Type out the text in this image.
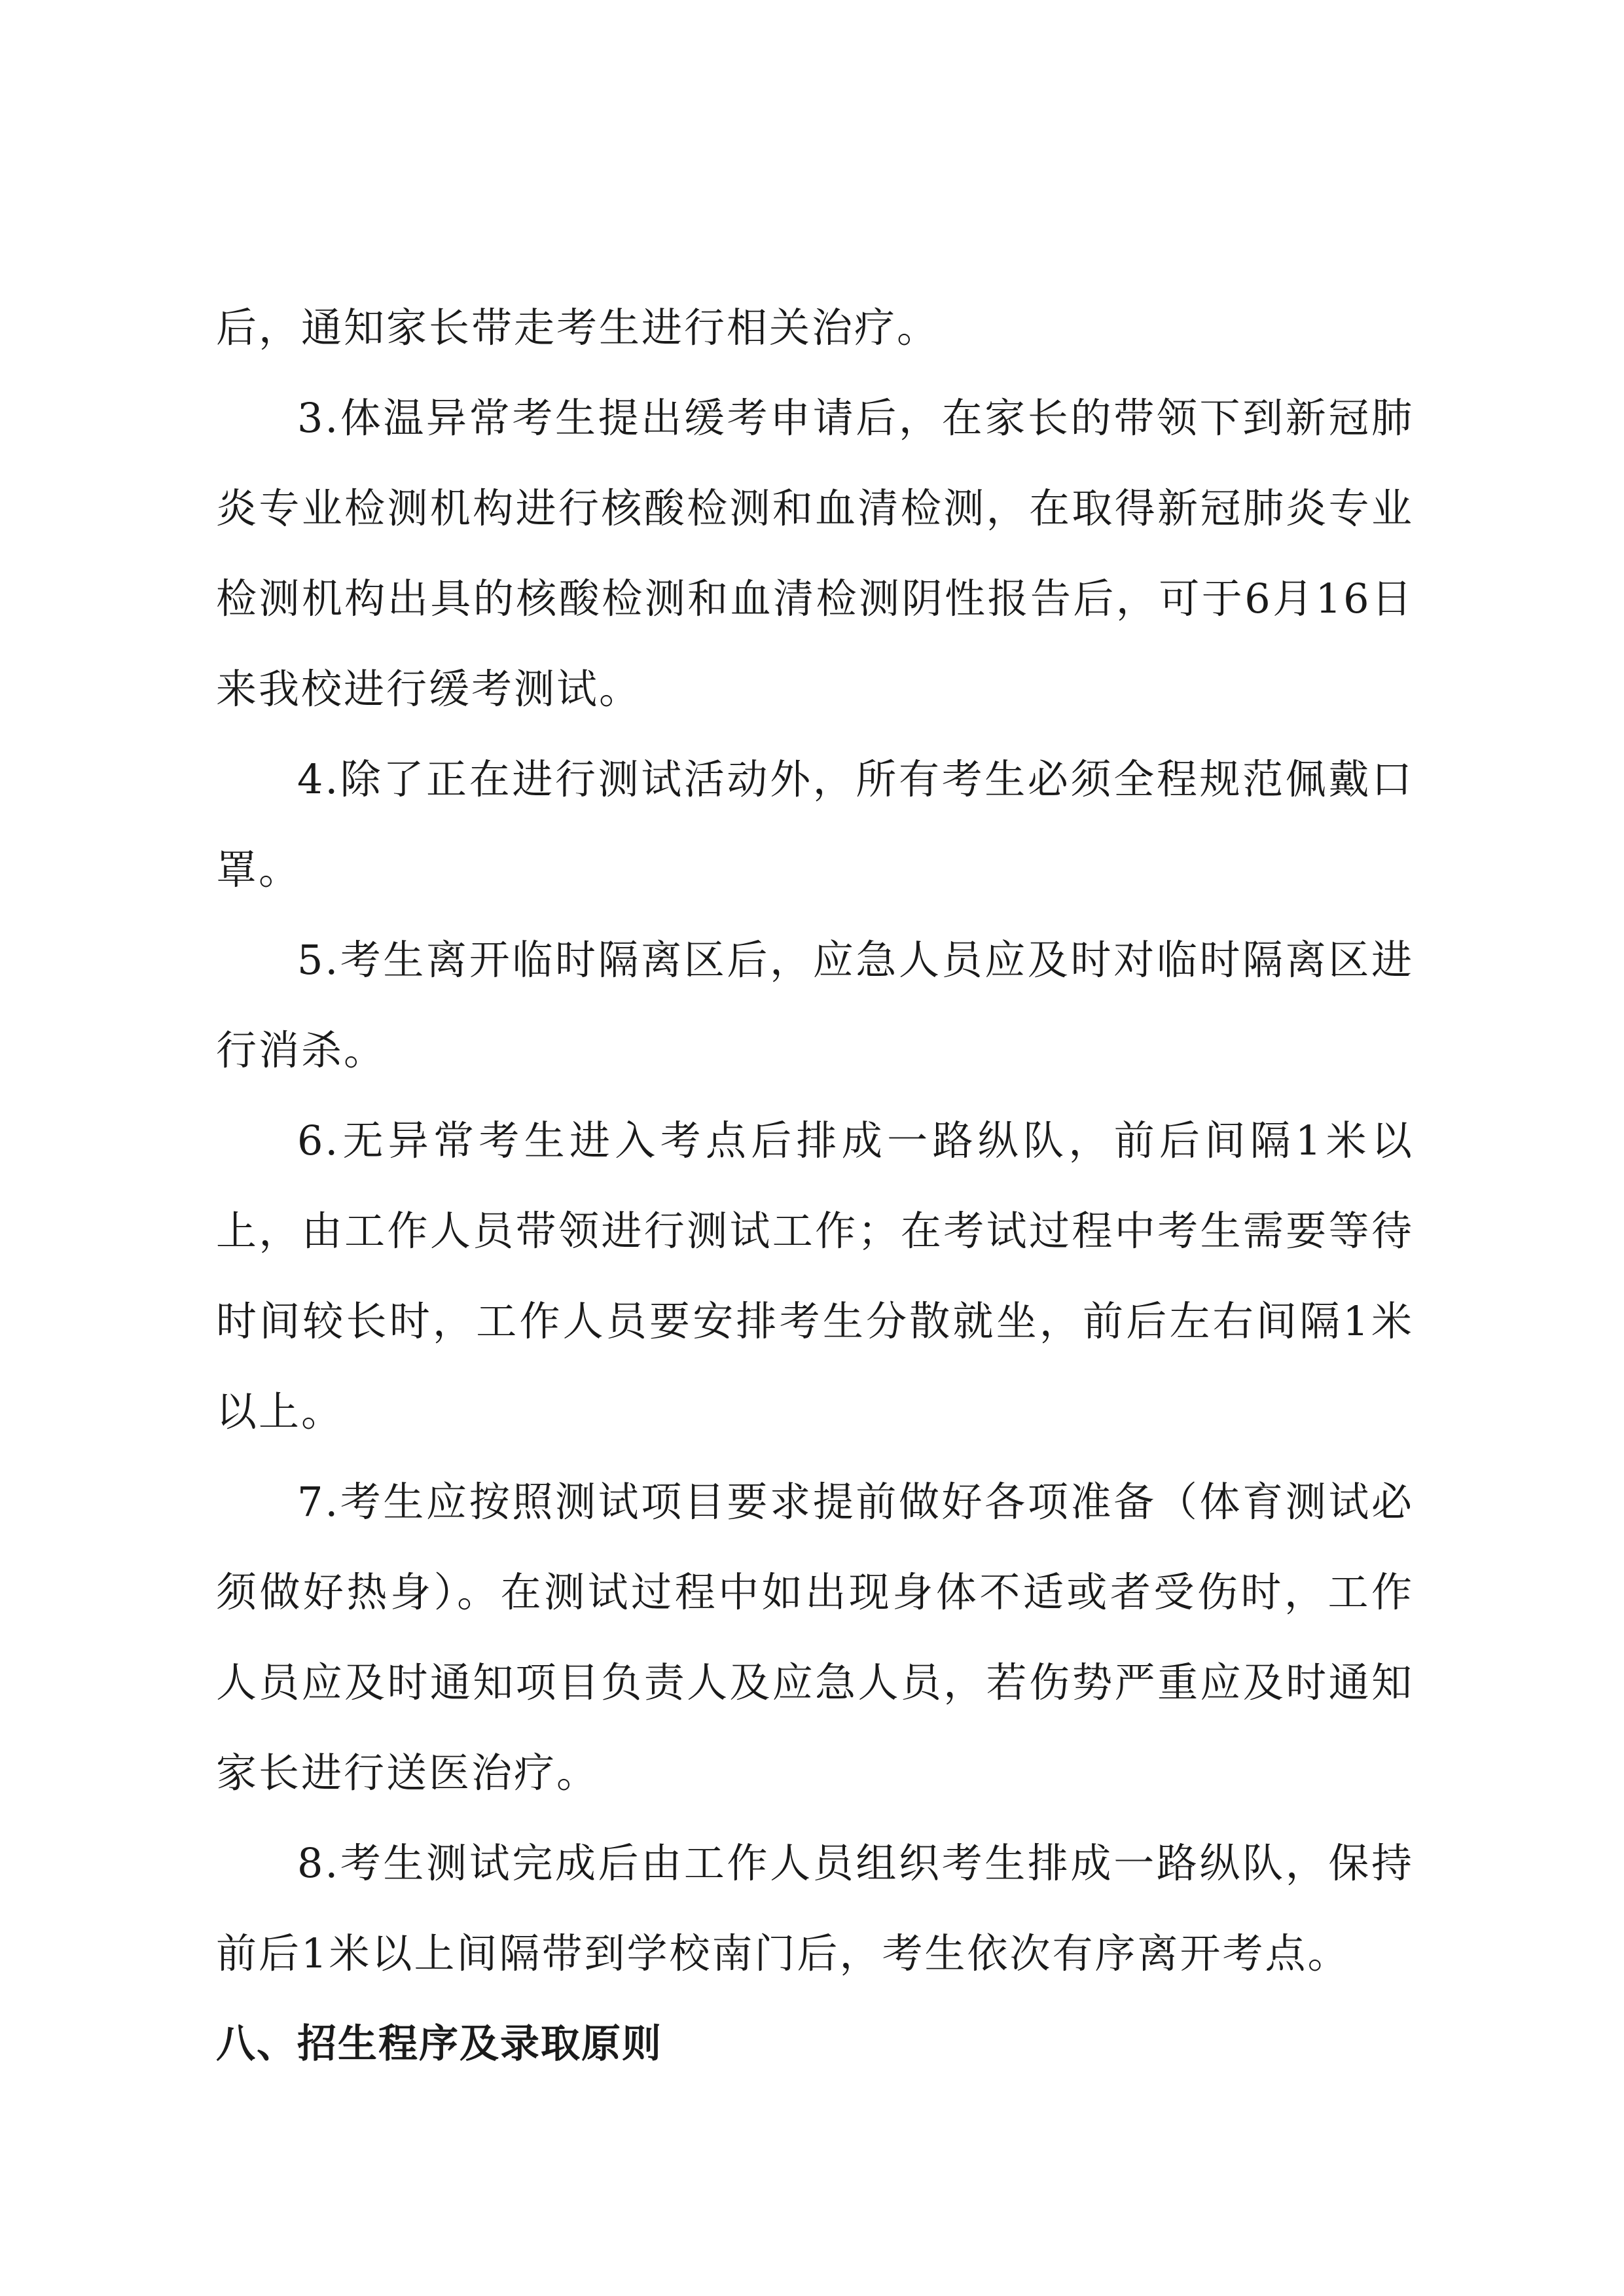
后，通知家长带走考生进行相关治疗。

3.体温异常考生提出缓考申请后，在家长的带领下到新冠肺炎专业检测机构进行核酸检测和血清检测，在取得新冠肺炎专业检测机构出具的核酸检测和血清检测阴性报告后，可于6月16日来我校进行缓考测试。

4.除了正在进行测试活动外，所有考生必须全程规范佩戴口罩。

5.考生离开临时隔离区后，应急人员应及时对临时隔离区进行消杀。

6.无异常考生进入考点后排成一路纵队，前后间隔1米以上，由工作人员带领进行测试工作；在考试过程中考生需要等待时间较长时，工作人员要安排考生分散就坐，前后左右间隔1米以上。

7.考生应按照测试项目要求提前做好各项准备（体育测试必须做好热身）。在测试过程中如出现身体不适或者受伤时，工作人员应及时通知项目负责人及应急人员，若伤势严重应及时通知家长进行送医治疗。

8.考生测试完成后由工作人员组织考生排成一路纵队，保持前后1米以上间隔带到学校南门后，考生依次有序离开考点。

八、招生程序及录取原则
